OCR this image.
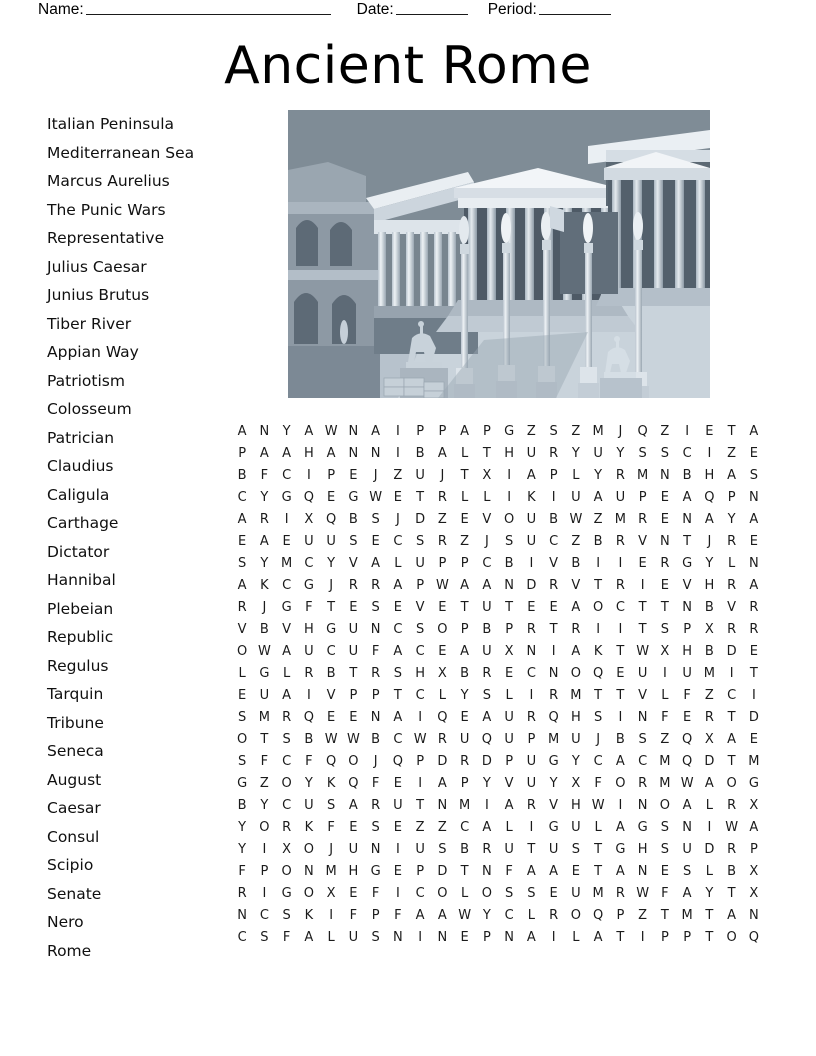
Name:	Date:	Period:
Ancient Rome
Italian Peninsula
Mediterranean Sea
Marcus Aurelius
The Punic Wars
Representative
Julius Caesar
Junius Brutus
Tiber River
Appian Way
Patriotism
Colosseum
Patrician
Claudius
Caligula
Carthage
Dictator
Hannibal
Plebeian
Republic
Regulus
Tarquin
Tribune
Seneca
August
Caesar
Consul
Scipio
Senate
Nero
Rome
A N	Y	A W N A	I	P	P	A	P	G Z	S	Z M	J	Q Z	I	E	T	A
P	A	A H A N N	I	B	A	L	T	H U R	Y	U	Y	S	S	C	I	Z	E
B	F	C	I	P	E	J	Z	U	J	T	X	I	A	P	L	Y	R M N B H A	S
C	Y	G Q	E	G W E	T	R	L	L	I	K	I	U	A	U	P	E	A Q	P	N
A	R	I	X Q B	S	J	D Z	E	V O U	B W Z M R	E	N A	Y	A
E	A	E	U U	S	E	C	S	R	Z	J	S	U C	Z	B	R	V N	T	J	R	E
S	Y M C	Y	V	A	L	U	P	P	C	B	I	V	B	I	I	E	R G	Y	L	N
A	K	C G	J	R	R	A	P W A	A N D R	V	T	R	I	E	V H R	A
R	J	G	F	T	E	S	E	V	E	T	U	T	E	E	A O C	T	T	N B	V	R
V	B	V H G U N C	S	O	P	B	P	R	T	R	I	I	T	S	P	X	R	R
O W A	U C U	F	A	C	E	A	U	X N	I	A	K	T W X H B D	E
L	G	L	R	B	T	R	S	H X	B	R	E	C N O Q	E	U	I	U M	I	T
E	U	A	I	V	P	P	T	C	L	Y	S	L	I	R M T	T	V	L	F	Z	C	I
S M R Q	E	E	N A	I	Q	E	A	U R Q H	S	I	N	F	E	R	T	D
O	T	S	B W W B	C W R U Q U	P M U	J	B	S	Z Q X	A	E
S	F	C	F	Q O	J	Q	P	D R D	P	U G	Y	C	A	C M Q D	T M
G Z O	Y	K Q	F	E	I	A	P	Y	V	U	Y	X	F	O R M W A O G
B	Y	C U	S	A	R U	T	N M	I	A	R	V H W	I	N O A	L	R	X
Y	O R	K	F	E	S	E	Z	Z	C	A	L	I	G U	L	A G	S	N	I	W A
Y	I	X O	J	U N	I	U	S	B	R U	T	U	S	T	G H	S	U D R	P
F	P	O N M H G	E	P	D	T	N	F	A	A	E	T	A N	E	S	L	B	X
R	I	G O X	E	F	I	C O	L	O	S	S	E	U M R W F	A	Y	T	X
N C	S	K	I	F	P	F	A	A W Y	C	L	R O Q	P	Z	T M T	A N
C	S	F	A	L	U	S	N	I	N	E	P	N A	I	L	A	T	I	P	P	T	O Q
